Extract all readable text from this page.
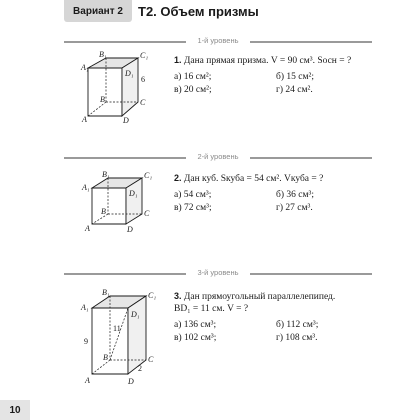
Вариант 2 Т2. Объем призмы
1-й уровень
B₁	C₁
A₁
D₁
B	C
A	D
6
1. Дана прямая призма. V = 90 см³. Sосн = ?
а) 16 см²;	б) 15 см²;
в) 20 см²;	г) 24 см².
2-й уровень
B₁	C₁
A₁
D₁
B	C
A	D
2. Дан куб. Sкуба = 54 см². Vкуба = ?
а) 54 см³;	б) 36 см³;
в) 72 см³;	г) 27 см³.
3-й уровень
B₁	C₁
A₁
D₁
B	C
A	D
9
11
2
3. Дан прямоугольный параллелепипед.
BD₁ = 11 см. V = ?
а) 136 см³;	б) 112 см³;
в) 102 см³;	г) 108 см³.
10
